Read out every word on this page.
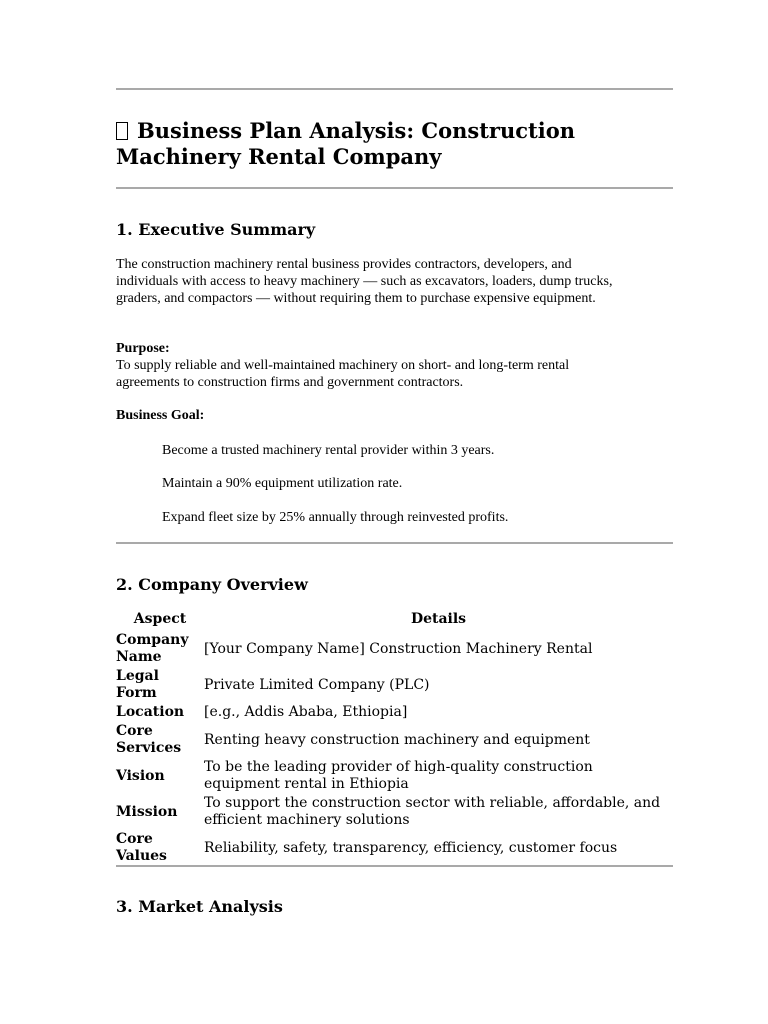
Business Plan Analysis: Construction Machinery Rental Company
1. Executive Summary

The construction machinery rental business provides contractors, developers, and individuals with access to heavy machinery — such as excavators, loaders, dump trucks, graders, and compactors — without requiring them to purchase expensive equipment.

Purpose:
To supply reliable and well-maintained machinery on short- and long-term rental agreements to construction firms and government contractors.

Business Goal:

Become a trusted machinery rental provider within 3 years.

Maintain a 90% equipment utilization rate.

Expand fleet size by 25% annually through reinvested profits.

2. Company Overview
Aspect	Details
Company Name	[Your Company Name] Construction Machinery Rental
Legal Form	Private Limited Company (PLC)
Location	[e.g., Addis Ababa, Ethiopia]
Core Services	Renting heavy construction machinery and equipment
Vision	To be the leading provider of high-quality construction equipment rental in Ethiopia
Mission	To support the construction sector with reliable, affordable, and efficient machinery solutions
Core Values	Reliability, safety, transparency, efficiency, customer focus
3. Market Analysis
